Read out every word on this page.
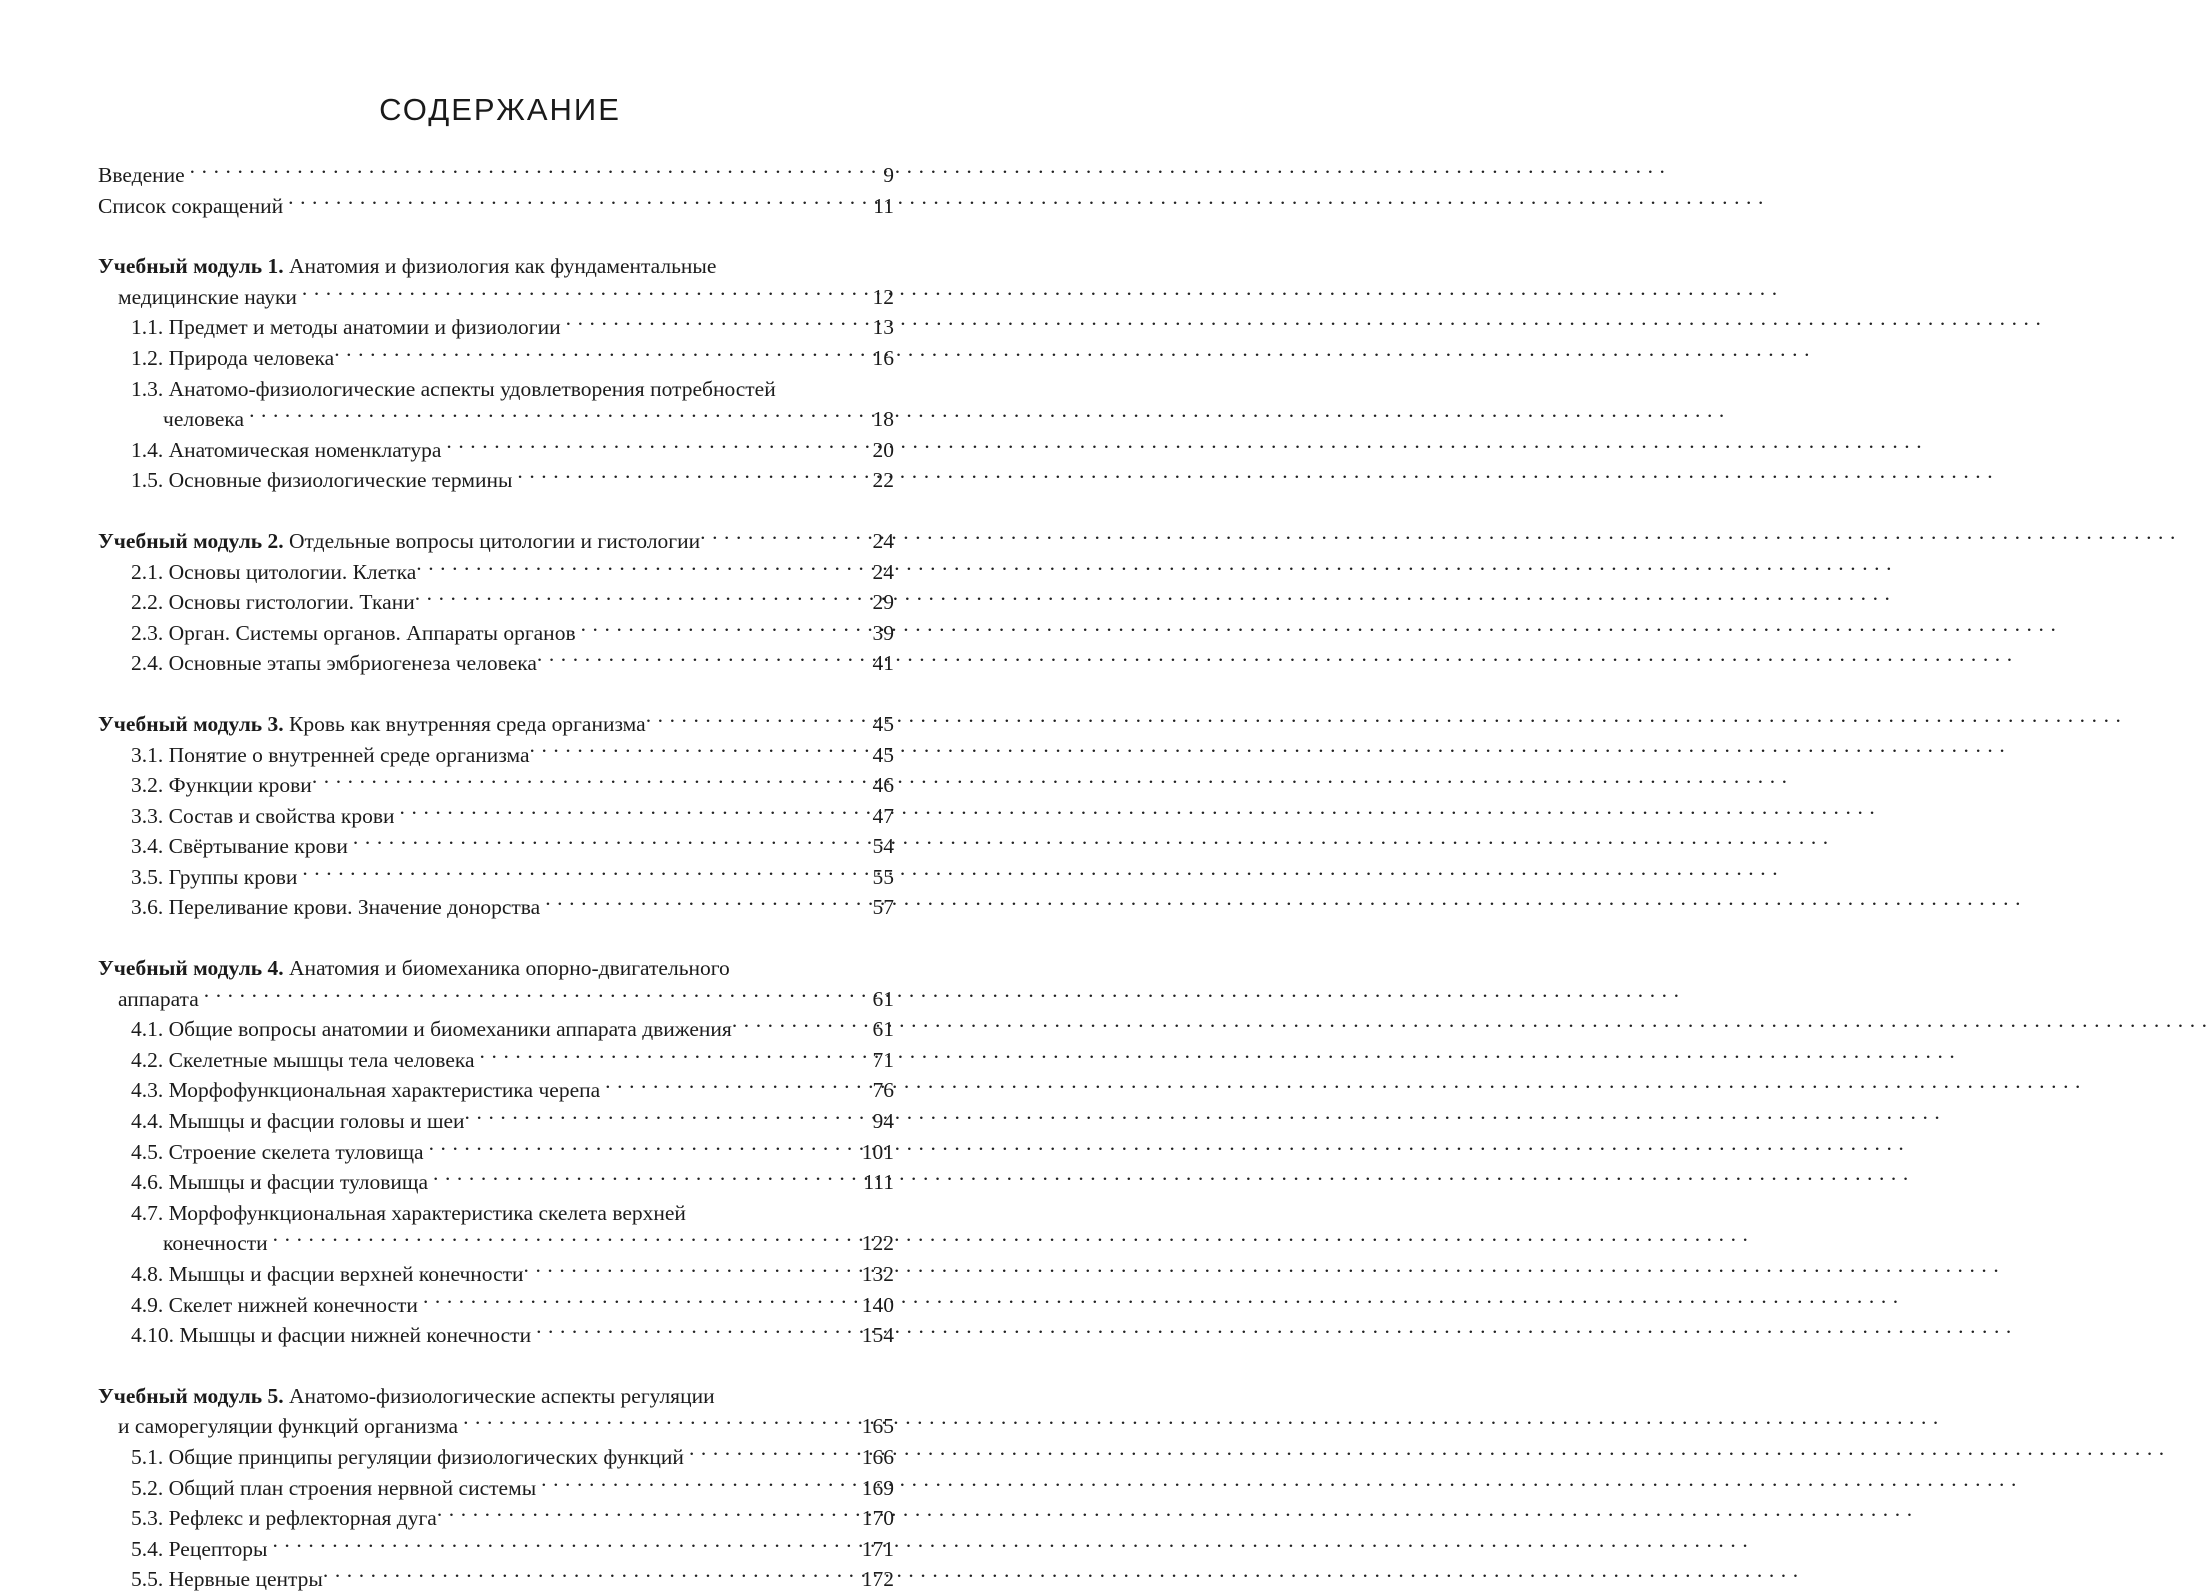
СОДЕРЖАНИЕ
Введение . . .	9
Список сокращений . . .	11
Учебный модуль 1. Анатомия и физиология как фундаментальные
медицинские науки . . .	12
1.1. Предмет и методы анатомии и физиологии . . .	13
1.2. Природа человека . . .	16
1.3. Анатомо-физиологические аспекты удовлетворения потребностей
человека . . .	18
1.4. Анатомическая номенклатура . . .	20
1.5. Основные физиологические термины . . .	22
Учебный модуль 2. Отдельные вопросы цитологии и гистологии . . .	24
2.1. Основы цитологии. Клетка . . .	24
2.2. Основы гистологии. Ткани . . .	29
2.3. Орган. Системы органов. Аппараты органов . . .	39
2.4. Основные этапы эмбриогенеза человека . . .	41
Учебный модуль 3. Кровь как внутренняя среда организма . . .	45
3.1. Понятие о внутренней среде организма . . .	45
3.2. Функции крови . . .	46
3.3. Состав и свойства крови . . .	47
3.4. Свёртывание крови . . .	54
3.5. Группы крови . . .	55
3.6. Переливание крови. Значение донорства . . .	57
Учебный модуль 4. Анатомия и биомеханика опорно-двигательного
аппарата . . .	61
4.1. Общие вопросы анатомии и биомеханики аппарата движения . . .	61
4.2. Скелетные мышцы тела человека . . .	71
4.3. Морфофункциональная характеристика черепа . . .	76
4.4. Мышцы и фасции головы и шеи . . .	94
4.5. Строение скелета туловища . . .	101
4.6. Мышцы и фасции туловища . . .	111
4.7. Морфофункциональная характеристика скелета верхней
конечности . . .	122
4.8. Мышцы и фасции верхней конечности . . .	132
4.9. Скелет нижней конечности . . .	140
4.10. Мышцы и фасции нижней конечности . . .	154
Учебный модуль 5. Анатомо-физиологические аспекты регуляции
и саморегуляции функций организма . . .	165
5.1. Общие принципы регуляции физиологических функций . . .	166
5.2. Общий план строения нервной системы . . .	169
5.3. Рефлекс и рефлекторная дуга . . .	170
5.4. Рецепторы . . .	171
5.5. Нервные центры . . .	172
